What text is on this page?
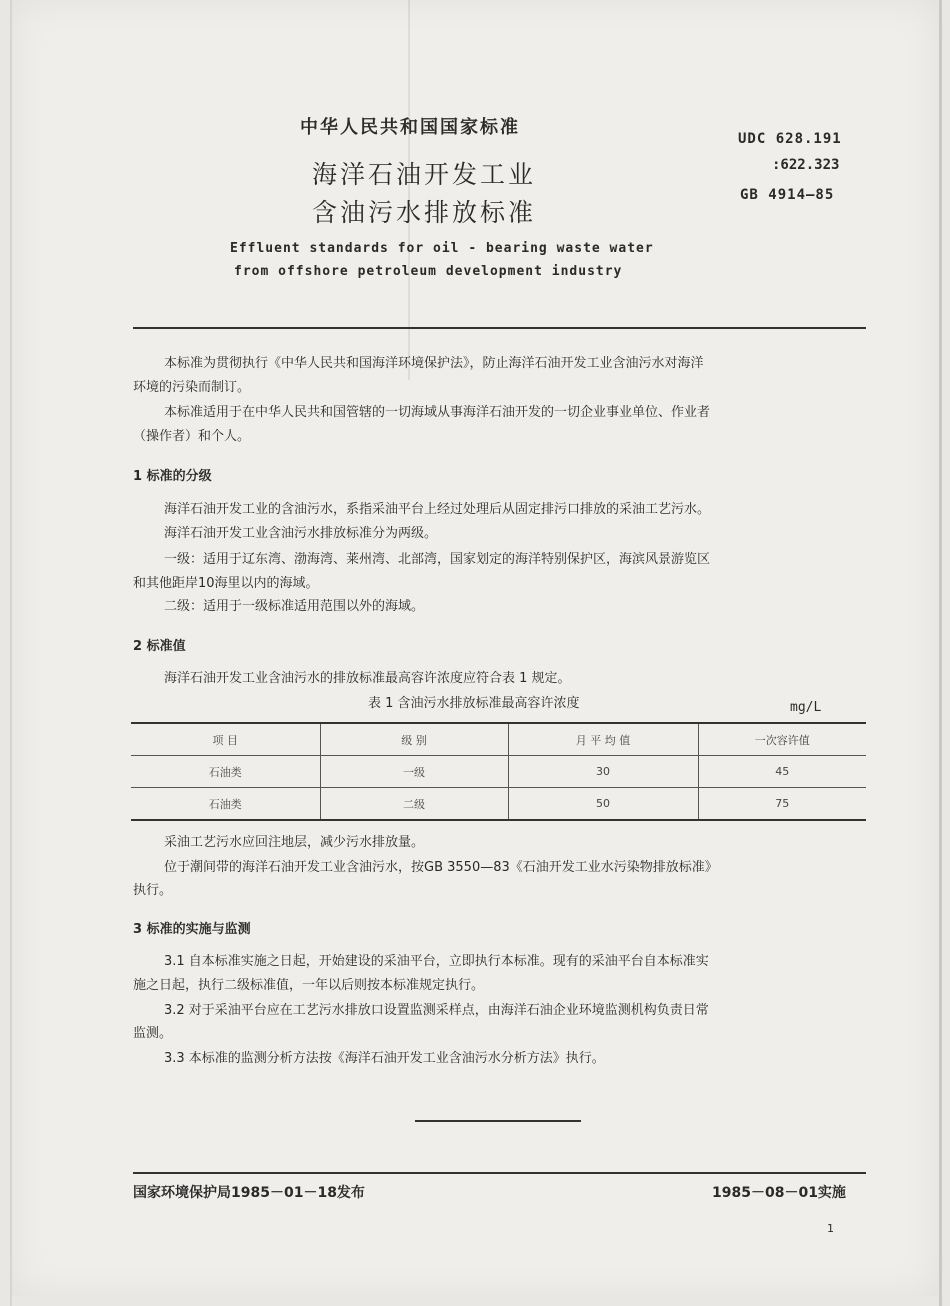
中华人民共和国国家标准
海洋石油开发工业
含油污水排放标准
UDC 628.191
:622.323
GB 4914—85
Effluent standards for oil - bearing waste water
from offshore petroleum development industry
本标准为贯彻执行《中华人民共和国海洋环境保护法》，防止海洋石油开发工业含油污水对海洋
环境的污染而制订。
本标准适用于在中华人民共和国管辖的一切海域从事海洋石油开发的一切企业事业单位、作业者
（操作者）和个人。
1 标准的分级
海洋石油开发工业的含油污水，系指采油平台上经过处理后从固定排污口排放的采油工艺污水。
海洋石油开发工业含油污水排放标准分为两级。
一级：适用于辽东湾、渤海湾、莱州湾、北部湾，国家划定的海洋特别保护区，海滨风景游览区
和其他距岸10海里以内的海域。
二级：适用于一级标准适用范围以外的海域。
2 标准值
海洋石油开发工业含油污水的排放标准最高容许浓度应符合表 1 规定。
表 1 含油污水排放标准最高容许浓度	mg/L
项 目	级 别	月 平 均 值	一次容许值
石油类	一级	30	45
石油类	二级	50	75
采油工艺污水应回注地层，减少污水排放量。
位于潮间带的海洋石油开发工业含油污水，按GB 3550—83《石油开发工业水污染物排放标准》
执行。
3 标准的实施与监测
3.1 自本标准实施之日起，开始建设的采油平台，立即执行本标准。现有的采油平台自本标准实
施之日起，执行二级标准值，一年以后则按本标准规定执行。
3.2 对于采油平台应在工艺污水排放口设置监测采样点，由海洋石油企业环境监测机构负责日常
监测。
3.3 本标准的监测分析方法按《海洋石油开发工业含油污水分析方法》执行。
国家环境保护局1985－01－18发布	1985－08－01实施
1
